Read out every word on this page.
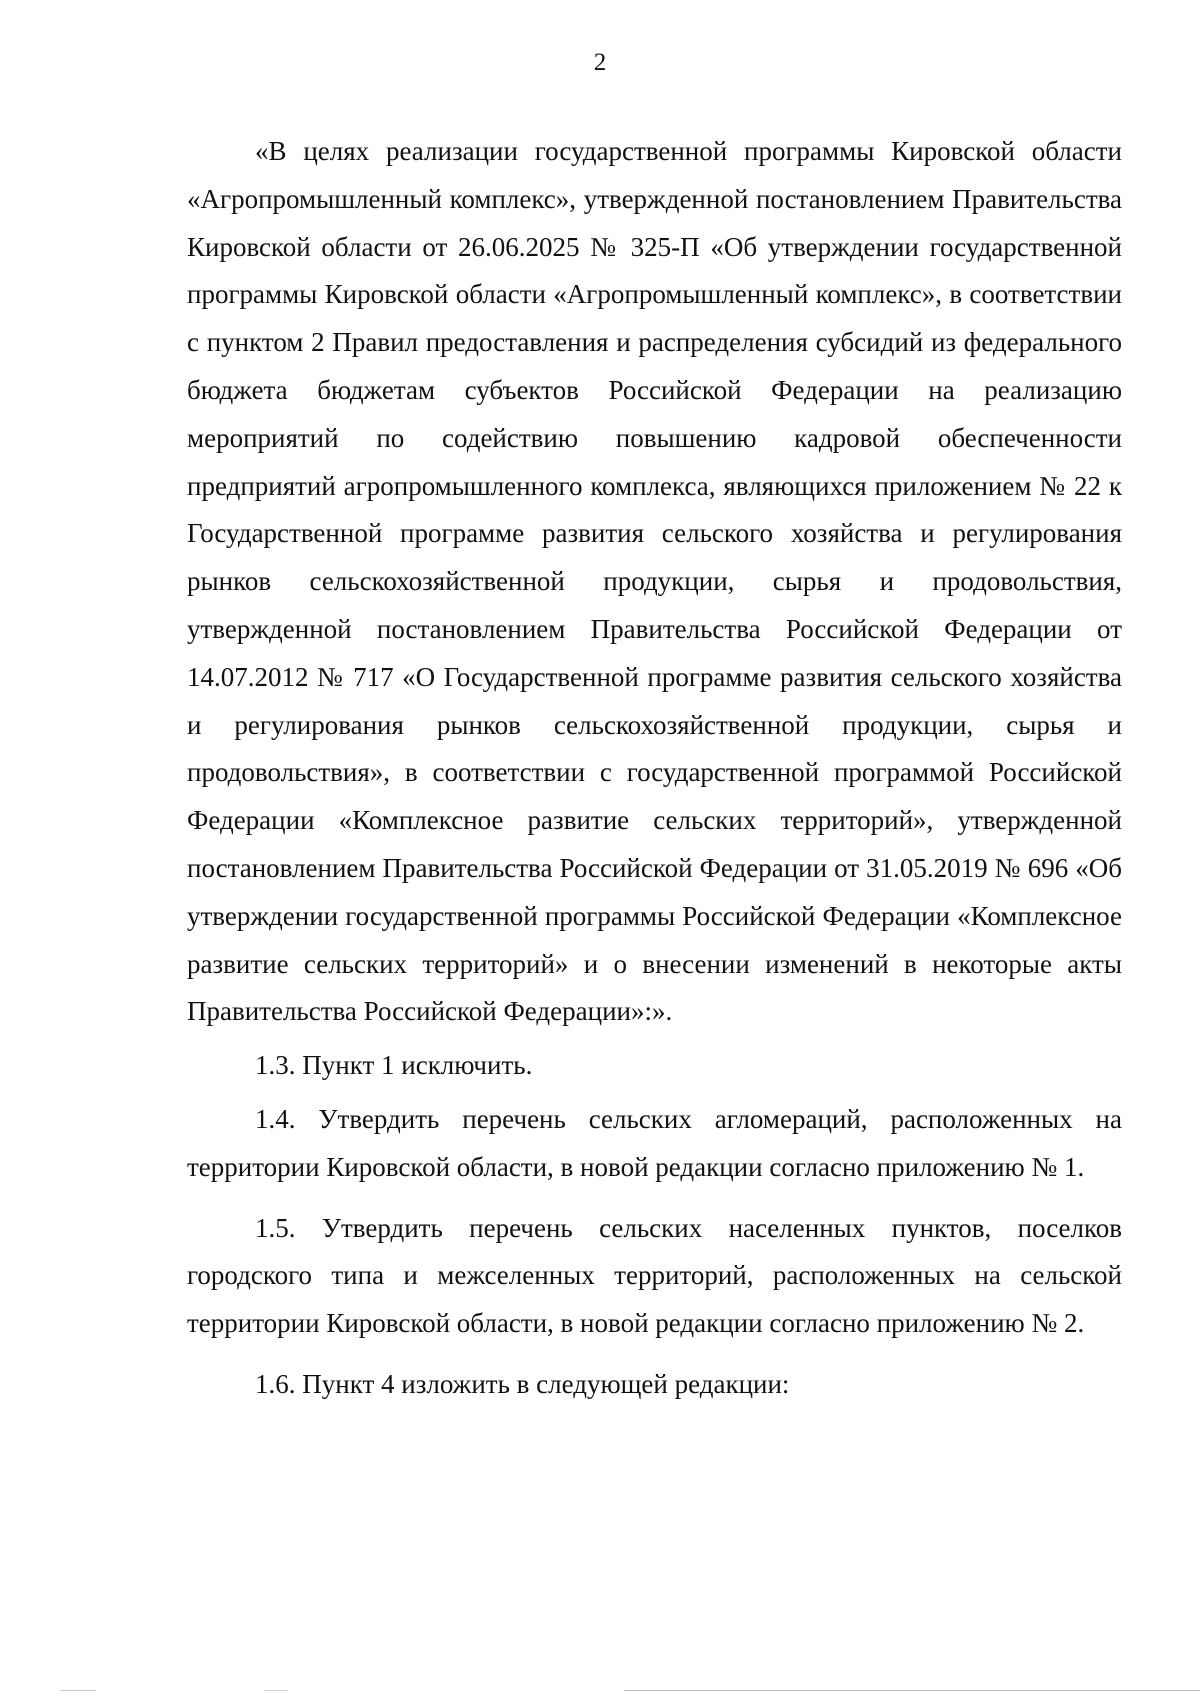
2

«В целях реализации государственной программы Кировской области «Агропромышленный комплекс», утвержденной постановлением Правительства Кировской области от 26.06.2025 № 325-П «Об утверждении государственной программы Кировской области «Агропромышленный комплекс», в соответствии с пунктом 2 Правил предоставления и распределения субсидий из федерального бюджета бюджетам субъектов Российской Федерации на реализацию мероприятий по содействию повышению кадровой обеспеченности предприятий агропромышленного комплекса, являющихся приложением № 22 к Государственной программе развития сельского хозяйства и регулирования рынков сельскохозяйственной продукции, сырья и продовольствия, утвержденной постановлением Правительства Российской Федерации от 14.07.2012 № 717 «О Государственной программе развития сельского хозяйства и регулирования рынков сельскохозяйственной продукции, сырья и продовольствия», в соответствии с государственной программой Российской Федерации «Комплексное развитие сельских территорий», утвержденной постановлением Правительства Российской Федерации от 31.05.2019 № 696 «Об утверждении государственной программы Российской Федерации «Комплексное развитие сельских территорий» и о внесении изменений в некоторые акты Правительства Российской Федерации»:».

1.3. Пункт 1 исключить.

1.4. Утвердить перечень сельских агломераций, расположенных на территории Кировской области, в новой редакции согласно приложению № 1.

1.5. Утвердить перечень сельских населенных пунктов, поселков городского типа и межселенных территорий, расположенных на сельской территории Кировской области, в новой редакции согласно приложению № 2.

1.6. Пункт 4 изложить в следующей редакции:
